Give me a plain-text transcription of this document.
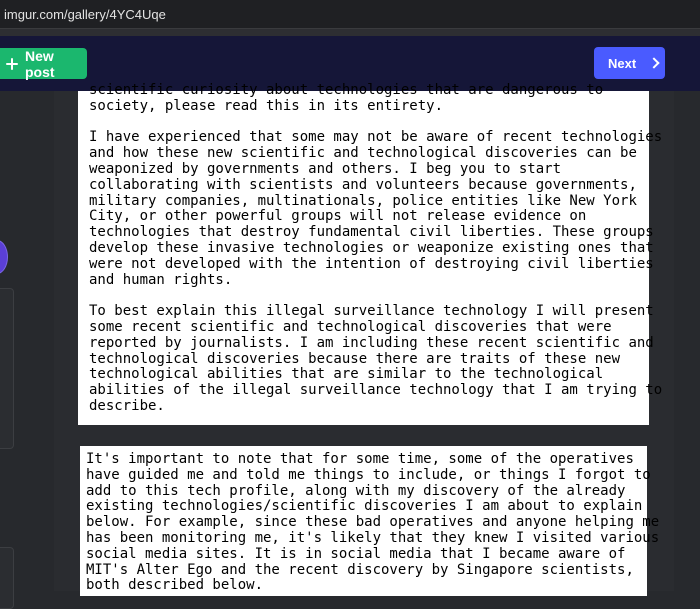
imgur.com/gallery/4YC4Uqe
New post
Next
scientific curiosity about technologies that are dangerous to
society, please read this in its entirety.
I have experienced that some may not be aware of recent technologies
and how these new scientific and technological discoveries can be
weaponized by governments and others. I beg you to start
collaborating with scientists and volunteers because governments,
military companies, multinationals, police entities like New York
City, or other powerful groups will not release evidence on
technologies that destroy fundamental civil liberties. These groups
develop these invasive technologies or weaponize existing ones that
were not developed with the intention of destroying civil liberties
and human rights.
To best explain this illegal surveillance technology I will present
some recent scientific and technological discoveries that were
reported by journalists. I am including these recent scientific and
technological discoveries because there are traits of these new
technological abilities that are similar to the technological
abilities of the illegal surveillance technology that I am trying to
describe.
It's important to note that for some time, some of the operatives
have guided me and told me things to include, or things I forgot to
add to this tech profile, along with my discovery of the already
existing technologies/scientific discoveries I am about to explain
below. For example, since these bad operatives and anyone helping me
has been monitoring me, it's likely that they knew I visited various
social media sites. It is in social media that I became aware of
MIT's Alter Ego and the recent discovery by Singapore scientists,
both described below.
